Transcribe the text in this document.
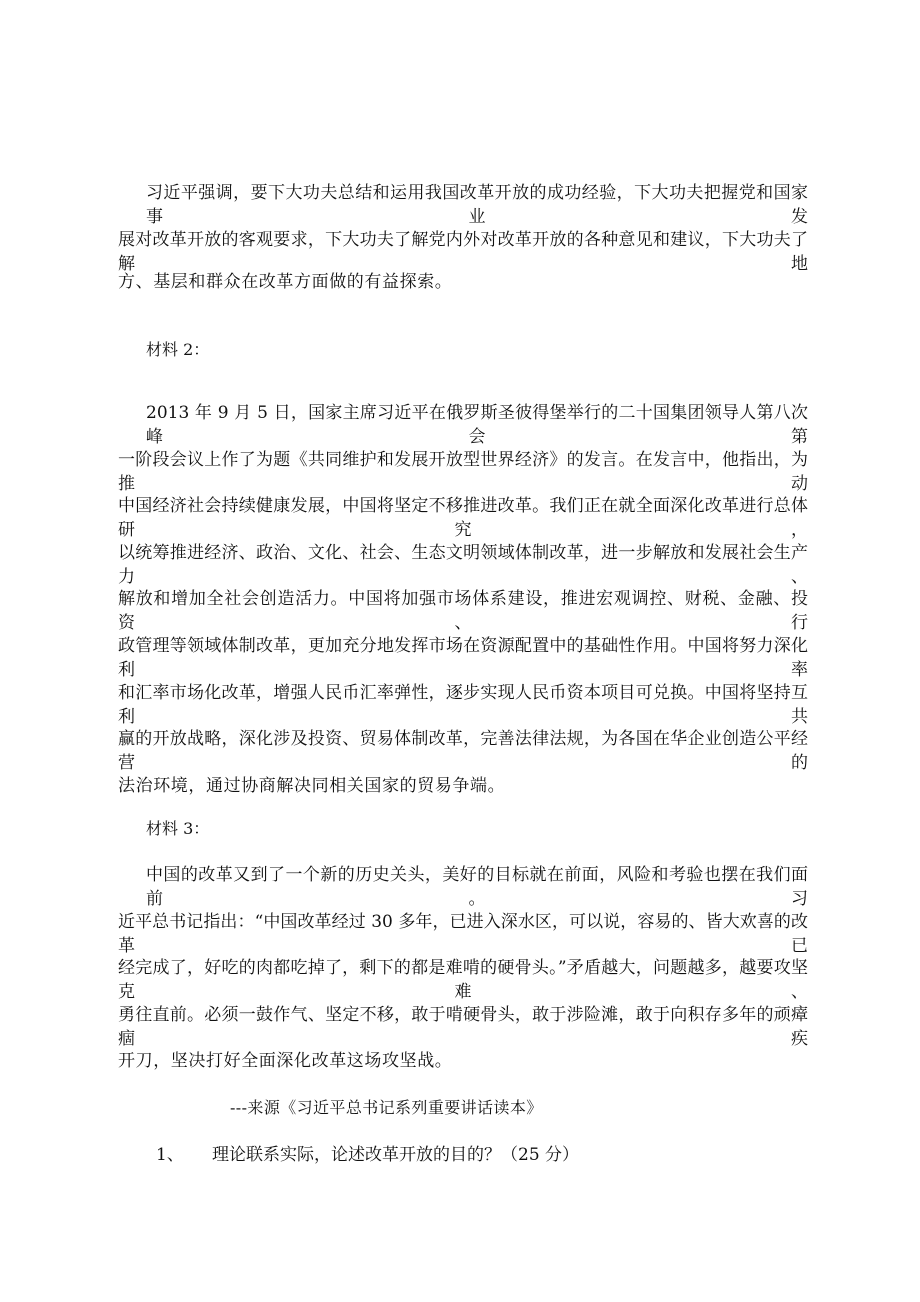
习近平强调，要下大功夫总结和运用我国改革开放的成功经验，下大功夫把握党和国家事业发
展对改革开放的客观要求，下大功夫了解党内外对改革开放的各种意见和建议，下大功夫了解地
方、基层和群众在改革方面做的有益探索。
材料 2：
2013 年 9 月 5 日，国家主席习近平在俄罗斯圣彼得堡举行的二十国集团领导人第八次峰会第
一阶段会议上作了为题《共同维护和发展开放型世界经济》的发言。在发言中，他指出，为推动
中国经济社会持续健康发展，中国将坚定不移推进改革。我们正在就全面深化改革进行总体研究，
以统筹推进经济、政治、文化、社会、生态文明领域体制改革，进一步解放和发展社会生产力、
解放和增加全社会创造活力。中国将加强市场体系建设，推进宏观调控、财税、金融、投资、行
政管理等领域体制改革，更加充分地发挥市场在资源配置中的基础性作用。中国将努力深化利率
和汇率市场化改革，增强人民币汇率弹性，逐步实现人民币资本项目可兑换。中国将坚持互利共
赢的开放战略，深化涉及投资、贸易体制改革，完善法律法规，为各国在华企业创造公平经营的
法治环境，通过协商解决同相关国家的贸易争端。
材料 3：
中国的改革又到了一个新的历史关头，美好的目标就在前面，风险和考验也摆在我们面前。习
近平总书记指出：“中国改革经过 30 多年，已进入深水区，可以说，容易的、皆大欢喜的改革已
经完成了，好吃的肉都吃掉了，剩下的都是难啃的硬骨头。”矛盾越大，问题越多，越要攻坚克难、
勇往直前。必须一鼓作气、坚定不移，敢于啃硬骨头，敢于涉险滩，敢于向积存多年的顽瘴痼疾
开刀，坚决打好全面深化改革这场攻坚战。
---来源《习近平总书记系列重要讲话读本》
1、 理论联系实际，论述改革开放的目的？（25 分）
